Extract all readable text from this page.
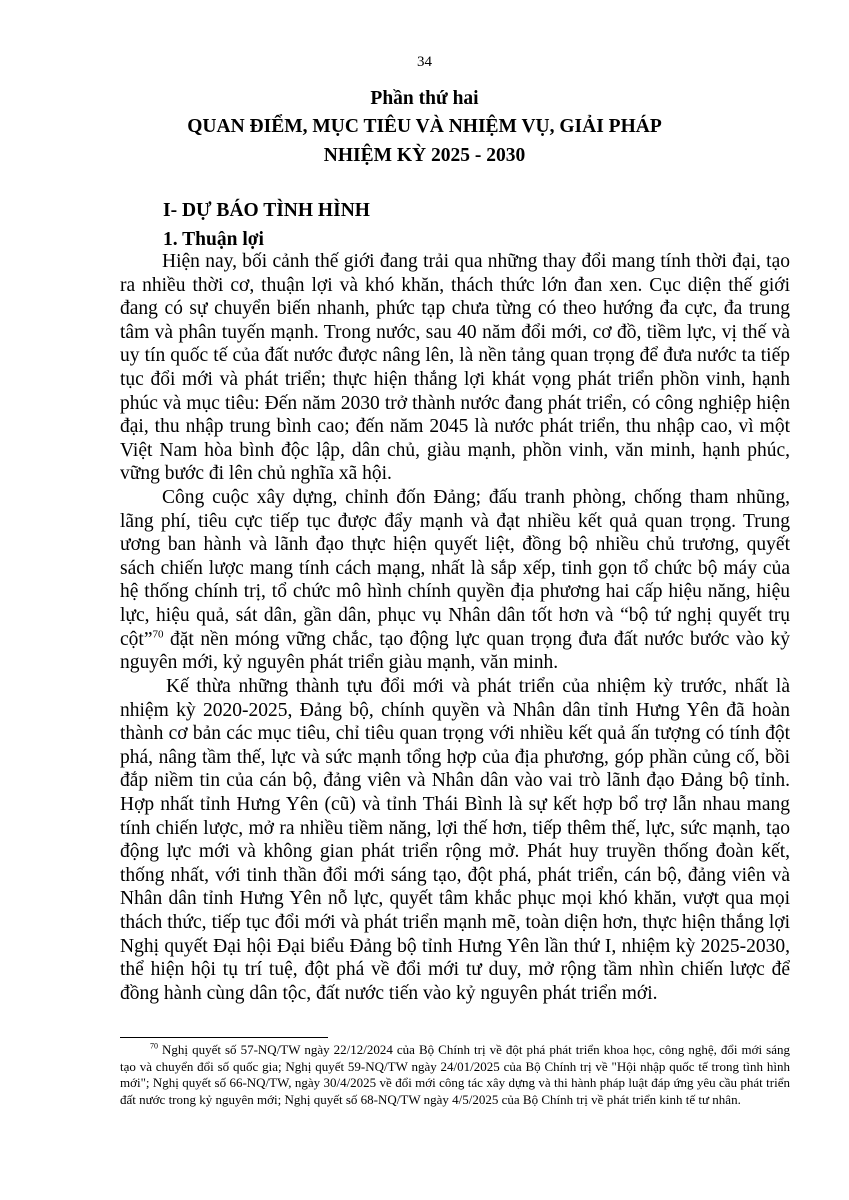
34
Phần thứ hai
QUAN ĐIỂM, MỤC TIÊU VÀ NHIỆM VỤ, GIẢI PHÁP
NHIỆM KỲ 2025 - 2030
I- DỰ BÁO TÌNH HÌNH
1. Thuận lợi

Hiện nay, bối cảnh thế giới đang trải qua những thay đổi mang tính thời đại, tạo ra nhiều thời cơ, thuận lợi và khó khăn, thách thức lớn đan xen. Cục diện thế giới đang có sự chuyển biến nhanh, phức tạp chưa từng có theo hướng đa cực, đa trung tâm và phân tuyến mạnh. Trong nước, sau 40 năm đổi mới, cơ đồ, tiềm lực, vị thế và uy tín quốc tế của đất nước được nâng lên, là nền tảng quan trọng để đưa nước ta tiếp tục đổi mới và phát triển; thực hiện thắng lợi khát vọng phát triển phồn vinh, hạnh phúc và mục tiêu: Đến năm 2030 trở thành nước đang phát triển, có công nghiệp hiện đại, thu nhập trung bình cao; đến năm 2045 là nước phát triển, thu nhập cao, vì một Việt Nam hòa bình độc lập, dân chủ, giàu mạnh, phồn vinh, văn minh, hạnh phúc, vững bước đi lên chủ nghĩa xã hội.

Công cuộc xây dựng, chỉnh đốn Đảng; đấu tranh phòng, chống tham nhũng, lãng phí, tiêu cực tiếp tục được đẩy mạnh và đạt nhiều kết quả quan trọng. Trung ương ban hành và lãnh đạo thực hiện quyết liệt, đồng bộ nhiều chủ trương, quyết sách chiến lược mang tính cách mạng, nhất là sắp xếp, tinh gọn tổ chức bộ máy của hệ thống chính trị, tổ chức mô hình chính quyền địa phương hai cấp hiệu năng, hiệu lực, hiệu quả, sát dân, gần dân, phục vụ Nhân dân tốt hơn và “bộ tứ nghị quyết trụ cột”$^{70}$ đặt nền móng vững chắc, tạo động lực quan trọng đưa đất nước bước vào kỷ nguyên mới, kỷ nguyên phát triển giàu mạnh, văn minh.

Kế thừa những thành tựu đổi mới và phát triển của nhiệm kỳ trước, nhất là nhiệm kỳ 2020-2025, Đảng bộ, chính quyền và Nhân dân tỉnh Hưng Yên đã hoàn thành cơ bản các mục tiêu, chỉ tiêu quan trọng với nhiều kết quả ấn tượng có tính đột phá, nâng tầm thế, lực và sức mạnh tổng hợp của địa phương, góp phần củng cố, bồi đắp niềm tin của cán bộ, đảng viên và Nhân dân vào vai trò lãnh đạo Đảng bộ tỉnh. Hợp nhất tỉnh Hưng Yên (cũ) và tỉnh Thái Bình là sự kết hợp bổ trợ lẫn nhau mang tính chiến lược, mở ra nhiều tiềm năng, lợi thế hơn, tiếp thêm thế, lực, sức mạnh, tạo động lực mới và không gian phát triển rộng mở. Phát huy truyền thống đoàn kết, thống nhất, với tinh thần đổi mới sáng tạo, đột phá, phát triển, cán bộ, đảng viên và Nhân dân tỉnh Hưng Yên nỗ lực, quyết tâm khắc phục mọi khó khăn, vượt qua mọi thách thức, tiếp tục đổi mới và phát triển mạnh mẽ, toàn diện hơn, thực hiện thắng lợi Nghị quyết Đại hội Đại biểu Đảng bộ tỉnh Hưng Yên lần thứ I, nhiệm kỳ 2025-2030, thể hiện hội tụ trí tuệ, đột phá về đổi mới tư duy, mở rộng tầm nhìn chiến lược để đồng hành cùng dân tộc, đất nước tiến vào kỷ nguyên phát triển mới.

$^{70}$ Nghị quyết số 57-NQ/TW ngày 22/12/2024 của Bộ Chính trị về đột phá phát triển khoa học, công nghệ, đổi mới sáng tạo và chuyển đổi số quốc gia; Nghị quyết 59-NQ/TW ngày 24/01/2025 của Bộ Chính trị về "Hội nhập quốc tế trong tình hình mới"; Nghị quyết số 66-NQ/TW, ngày 30/4/2025 về đổi mới công tác xây dựng và thi hành pháp luật đáp ứng yêu cầu phát triển đất nước trong kỷ nguyên mới; Nghị quyết số 68-NQ/TW ngày 4/5/2025 của Bộ Chính trị về phát triển kinh tế tư nhân.
